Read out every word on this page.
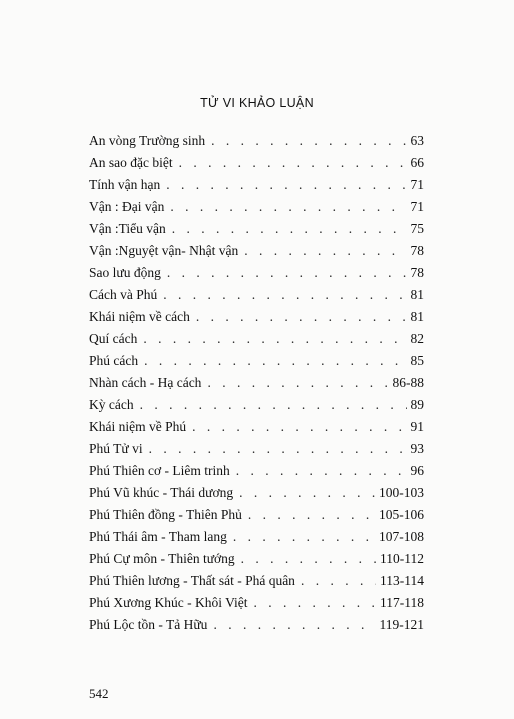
TỬ VI KHẢO LUẬN
An vòng Trường sinh . . .	63
An sao đặc biệt . . .	66
Tính vận hạn . . .	71
Vận : Đại vận . . .	71
Vận :Tiểu vận . . .	75
Vận :Nguyệt vận- Nhật vận . . .	78
Sao lưu động . . .	78
Cách và Phú . . .	81
Khái niệm về cách . . .	81
Quí cách . . .	82
Phú cách . . .	85
Nhàn cách - Hạ cách . . .	86-88
Kỳ cách . . .	89
Khái niệm về Phú . . .	91
Phú Tử vi . . .	93
Phú Thiên cơ - Liêm trinh . . .	96
Phú Vũ khúc - Thái dương . . .	100-103
Phú Thiên đồng - Thiên Phủ . . .	105-106
Phú Thái âm - Tham lang . . .	107-108
Phú Cự môn - Thiên tướng . . .	110-112
Phú Thiên lương - Thất sát - Phá quân . . .	113-114
Phú Xương Khúc - Khôi Việt . . .	117-118
Phú Lộc tồn - Tả Hữu . . .	119-121
542
